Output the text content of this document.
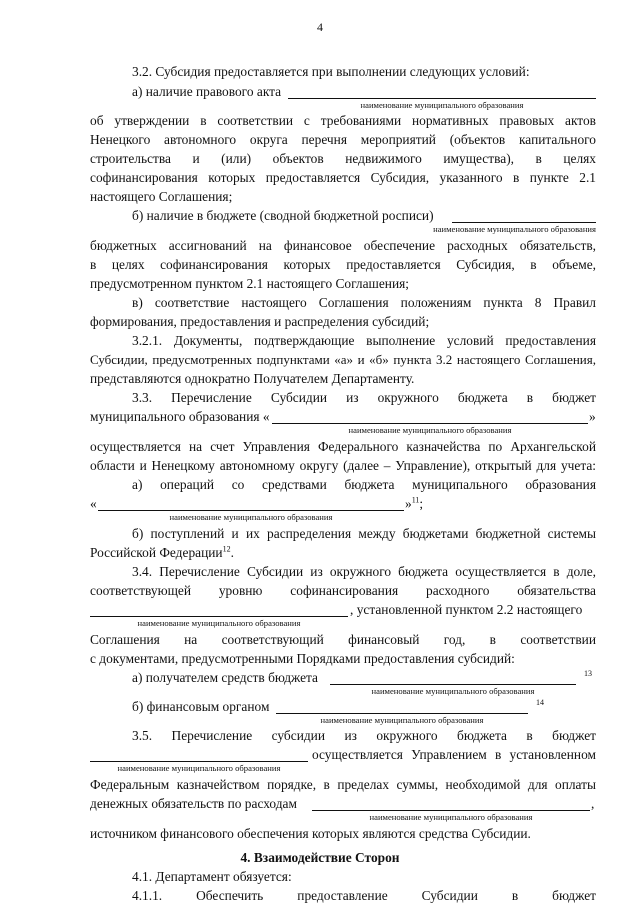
4
3.2. Субсидия предоставляется при выполнении следующих условий:
а) наличие правового акта
наименование муниципального образования
об утверждении в соответствии с требованиями нормативных правовых актов
Ненецкого автономного округа перечня мероприятий (объектов капитального
строительства и (или) объектов недвижимого имущества), в целях
софинансирования которых предоставляется Субсидия, указанного в пункте 2.1
настоящего Соглашения;
б) наличие в бюджете (сводной бюджетной росписи)
наименование муниципального образования
бюджетных ассигнований на финансовое обеспечение расходных обязательств,
в целях софинансирования которых предоставляется Субсидия, в объеме,
предусмотренном пунктом 2.1 настоящего Соглашения;
в) соответствие настоящего Соглашения положениям пункта 8 Правил
формирования, предоставления и распределения субсидий;
3.2.1. Документы, подтверждающие выполнение условий предоставления
Субсидии, предусмотренных подпунктами «а» и «б» пункта 3.2 настоящего Соглашения,
представляются однократно Получателем Департаменту.
3.3. Перечисление Субсидии из окружного бюджета в бюджет
муниципального образования «	»
наименование муниципального образования
осуществляется на счет Управления Федерального казначейства по Архангельской
области и Ненецкому автономному округу (далее – Управление), открытый для учета:
а) операций со средствами бюджета муниципального образования
«	»$^{11}$;
наименование муниципального образования
б) поступлений и их распределения между бюджетами бюджетной системы
Российской Федерации$^{12}$.
3.4. Перечисление Субсидии из окружного бюджета осуществляется в доле,
соответствующей уровню софинансирования расходного обязательства
, установленной пунктом 2.2 настоящего
наименование муниципального образования
Соглашения на соответствующий финансовый год, в соответствии
с документами, предусмотренными Порядками предоставления субсидий:
а) получателем средств бюджета	13
наименование муниципального образования
б) финансовым органом	14
наименование муниципального образования
3.5. Перечисление субсидии из окружного бюджета в бюджет
осуществляется Управлением в установленном
наименование муниципального образования
Федеральным казначейством порядке, в пределах суммы, необходимой для оплаты
денежных обязательств по расходам	,
наименование муниципального образования
источником финансового обеспечения которых являются средства Субсидии.
4. Взаимодействие Сторон
4.1. Департамент обязуется:
4.1.1. Обеспечить предоставление Субсидии в бюджет
